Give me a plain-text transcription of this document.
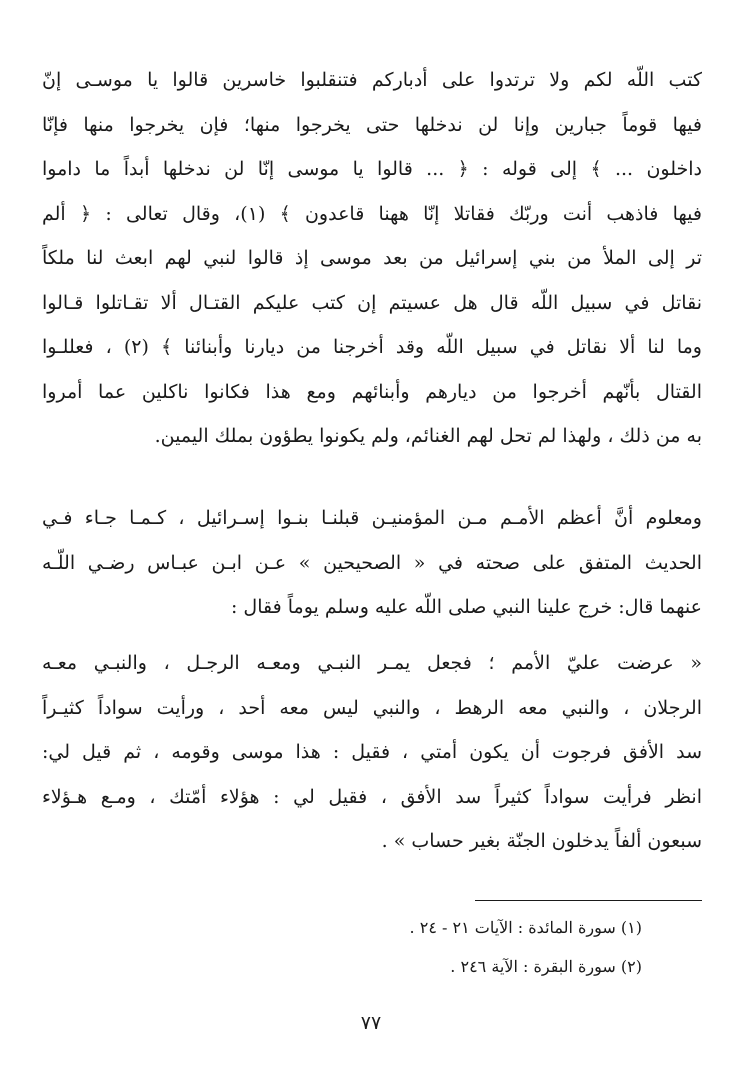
كتب اللّه لكم ولا ترتدوا على أدباركم فتنقلبوا خاسرين قالوا يا موسـى إنّ
فيها قوماً جبارين وإنا لن ندخلها حتى يخرجوا منها؛ فإن يخرجوا منها فإنّا
داخلون ... ﴾ إلى قوله : ﴿ ... قالوا يا موسى إنّا لن ندخلها أبداً ما داموا
فيها فاذهب أنت وربّك فقاتلا إنّا ههنا قاعدون ﴾ (١)، وقال تعالى : ﴿ ألم
تر إلى الملأ من بني إسرائيل من بعد موسى إذ قالوا لنبي لهم ابعث لنا ملكاً
نقاتل في سبيل اللّه قال هل عسيتم إن كتب عليكم القتـال ألا تقـاتلوا قـالوا
وما لنا ألا نقاتل في سبيل اللّه وقد أخرجنا من ديارنا وأبنائنا ﴾ (٢) ، فعللـوا
القتال بأنّهم أخرجوا من ديارهم وأبنائهم ومع هذا فكانوا ناكلين عما أمروا
به من ذلك ، ولهذا لم تحل لهم الغنائم، ولم يكونوا يطؤون بملك اليمين.
ومعلوم أنَّ أعظم الأمـم مـن المؤمنيـن قبلنـا بنـوا إسـرائيل ، كـمـا جـاء فـي
الحديث المتفق على صحته في « الصحيحين » عـن ابـن عبـاس رضـي اللّـه
عنهما قال: خرج علينا النبي صلى اللّه عليه وسلم يوماً فقال :
« عرضت عليّ الأمم ؛ فجعل يمـر النبـي ومعـه الرجـل ، والنبـي معـه
الرجلان ، والنبي معه الرهط ، والنبي ليس معه أحد ، ورأيت سواداً كثيـراً
سد الأفق فرجوت أن يكون أمتي ، فقيل : هذا موسى وقومه ، ثم قيل لي:
انظر فرأيت سواداً كثيراً سد الأفق ، فقيل لي : هؤلاء أمّتك ، ومـع هـؤلاء
سبعون ألفاً يدخلون الجنّة بغير حساب » .
(١) سورة المائدة : الآيات ٢١ - ٢٤ .
(٢) سورة البقرة : الآية ٢٤٦ .
٧٧
